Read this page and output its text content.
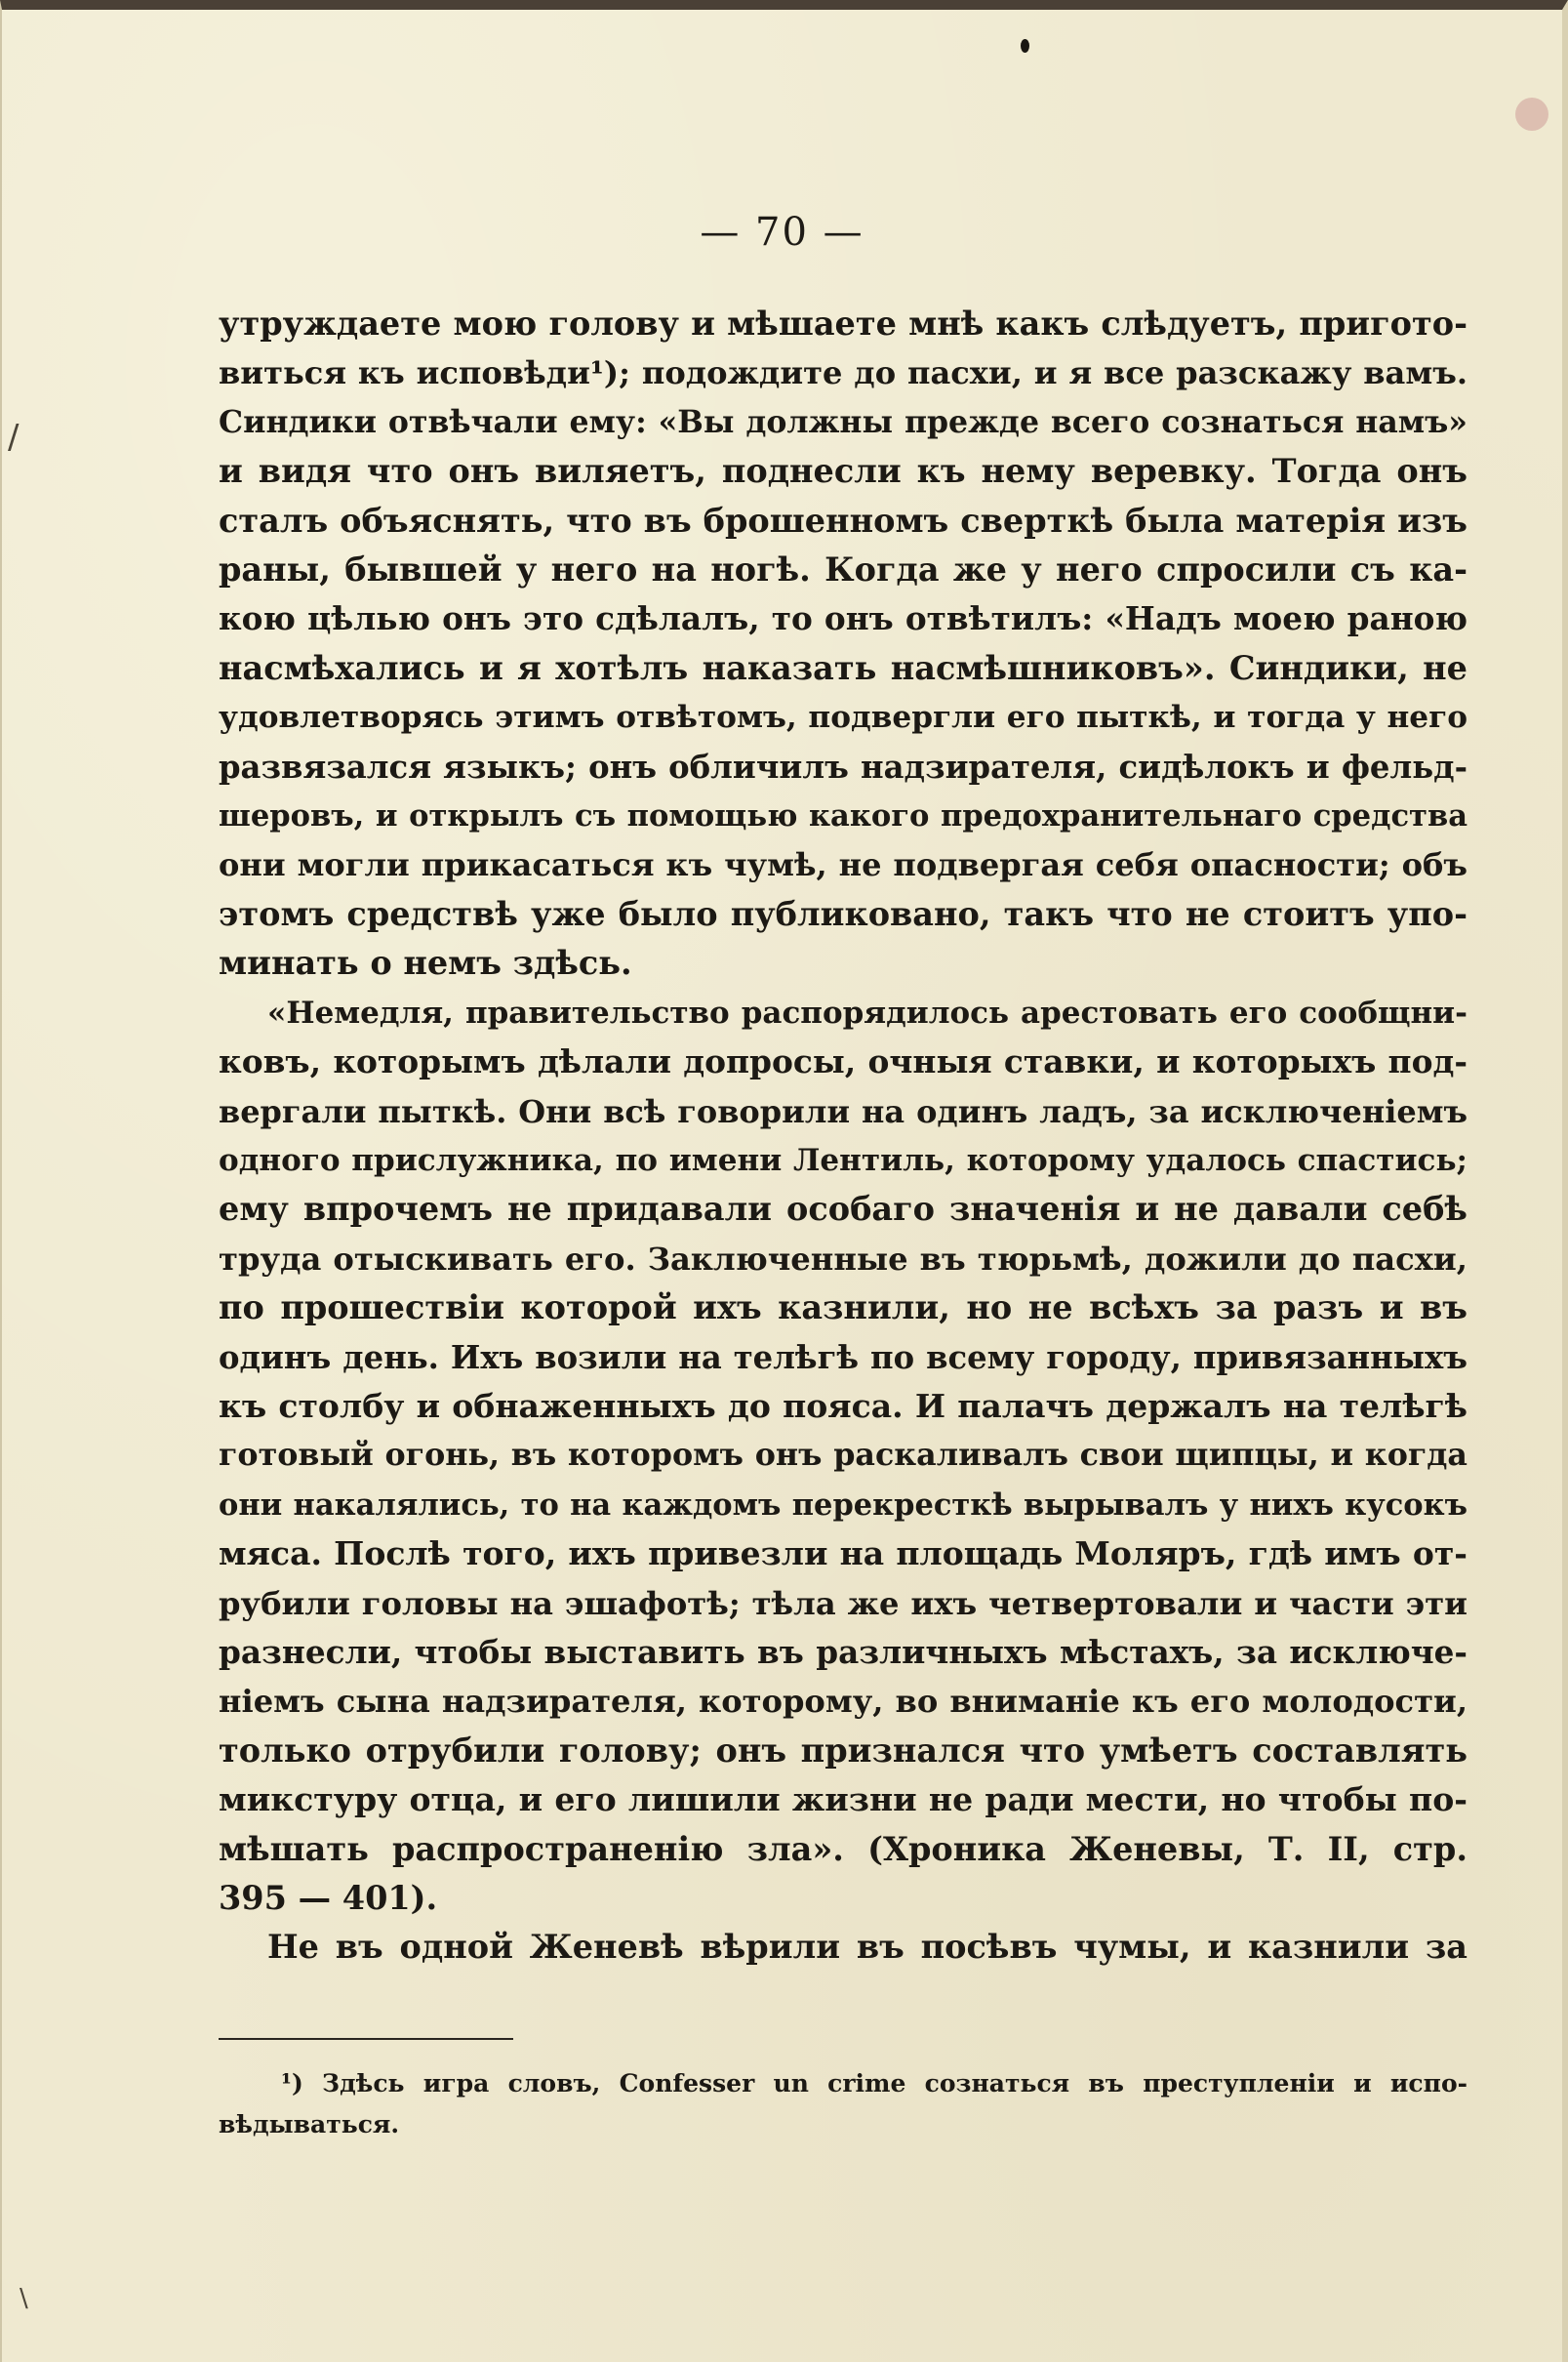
/
\
— 70 —
утруждаете мою голову и мѣшаете мнѣ какъ слѣдуетъ, пригото-
виться къ исповѣди¹); подождите до пасхи, и я все разскажу вамъ.
Синдики отвѣчали ему: «Вы должны прежде всего сознаться намъ»
и видя что онъ виляетъ, поднесли къ нему веревку. Тогда онъ
сталъ объяснять, что въ брошенномъ сверткѣ была матерія изъ
раны, бывшей у него на ногѣ. Когда же у него спросили съ ка-
кою цѣлью онъ это сдѣлалъ, то онъ отвѣтилъ: «Надъ моею раною
насмѣхались и я хотѣлъ наказать насмѣшниковъ». Синдики, не
удовлетворясь этимъ отвѣтомъ, подвергли его пыткѣ, и тогда у него
развязался языкъ; онъ обличилъ надзирателя, сидѣлокъ и фельд-
шеровъ, и открылъ съ помощью какого предохранительнаго средства
они могли прикасаться къ чумѣ, не подвергая себя опасности; объ
этомъ средствѣ уже было публиковано, такъ что не стоитъ упо-
минать о немъ здѣсь.
«Немедля, правительство распорядилось арестовать его сообщни-
ковъ, которымъ дѣлали допросы, очныя ставки, и которыхъ под-
вергали пыткѣ. Они всѣ говорили на одинъ ладъ, за исключеніемъ
одного прислужника, по имени Лентиль, которому удалось спастись;
ему впрочемъ не придавали особаго значенія и не давали себѣ
труда отыскивать его. Заключенные въ тюрьмѣ, дожили до пасхи,
по прошествіи которой ихъ казнили, но не всѣхъ за разъ и въ
одинъ день. Ихъ возили на телѣгѣ по всему городу, привязанныхъ
къ столбу и обнаженныхъ до пояса. И палачъ держалъ на телѣгѣ
готовый огонь, въ которомъ онъ раскаливалъ свои щипцы, и когда
они накалялись, то на каждомъ перекресткѣ вырывалъ у нихъ кусокъ
мяса. Послѣ того, ихъ привезли на площадь Моляръ, гдѣ имъ от-
рубили головы на эшафотѣ; тѣла же ихъ четвертовали и части эти
разнесли, чтобы выставить въ различныхъ мѣстахъ, за исключе-
ніемъ сына надзирателя, которому, во вниманіе къ его молодости,
только отрубили голову; онъ признался что умѣетъ составлять
микстуру отца, и его лишили жизни не ради мести, но чтобы по-
мѣшать распространенію зла». (Хроника Женевы, Т. II, стр.
395 — 401).
Не въ одной Женевѣ вѣрили въ посѣвъ чумы, и казнили за
¹) Здѣсь игра словъ, Confesser un crime сознаться въ преступленіи и испо-
вѣдываться.
